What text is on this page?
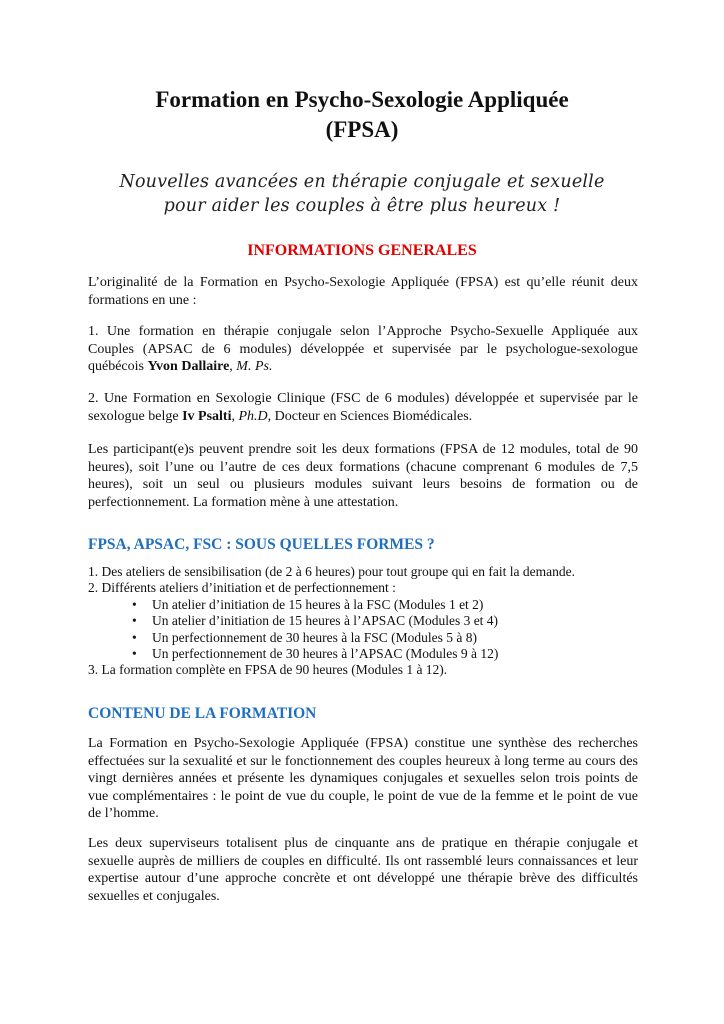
Formation en Psycho-Sexologie Appliquée
(FPSA)
Nouvelles avancées en thérapie conjugale et sexuelle
pour aider les couples à être plus heureux !
INFORMATIONS GENERALES
L’originalité de la Formation en Psycho-Sexologie Appliquée (FPSA) est qu’elle réunit deux formations en une :
1. Une formation en thérapie conjugale selon l’Approche Psycho-Sexuelle Appliquée aux Couples (APSAC de 6 modules) développée et supervisée par le psychologue-sexologue québécois Yvon Dallaire, M. Ps.
2. Une Formation en Sexologie Clinique (FSC de 6 modules) développée et supervisée par le sexologue belge Iv Psalti, Ph.D, Docteur en Sciences Biomédicales.
Les participant(e)s peuvent prendre soit les deux formations (FPSA de 12 modules, total de 90 heures), soit l’une ou l’autre de ces deux formations (chacune comprenant 6 modules de 7,5 heures), soit un seul ou plusieurs modules suivant leurs besoins de formation ou de perfectionnement. La formation mène à une attestation.
FPSA, APSAC, FSC : SOUS QUELLES FORMES ?
1. Des ateliers de sensibilisation (de 2 à 6 heures) pour tout groupe qui en fait la demande.
2. Différents ateliers d’initiation et de perfectionnement :
•	Un atelier d’initiation de 15 heures à la FSC (Modules 1 et 2)
•	Un atelier d’initiation de 15 heures à l’APSAC (Modules 3 et 4)
•	Un perfectionnement de 30 heures à la FSC (Modules 5 à 8)
•	Un perfectionnement de 30 heures à l’APSAC (Modules 9 à 12)
3. La formation complète en FPSA de 90 heures (Modules 1 à 12).
CONTENU DE LA FORMATION
La Formation en Psycho-Sexologie Appliquée (FPSA) constitue une synthèse des recherches effectuées sur la sexualité et sur le fonctionnement des couples heureux à long terme au cours des vingt dernières années et présente les dynamiques conjugales et sexuelles selon trois points de vue complémentaires : le point de vue du couple, le point de vue de la femme et le point de vue de l’homme.
Les deux superviseurs totalisent plus de cinquante ans de pratique en thérapie conjugale et sexuelle auprès de milliers de couples en difficulté. Ils ont rassemblé leurs connaissances et leur expertise autour d’une approche concrète et ont développé une thérapie brève des difficultés sexuelles et conjugales.
